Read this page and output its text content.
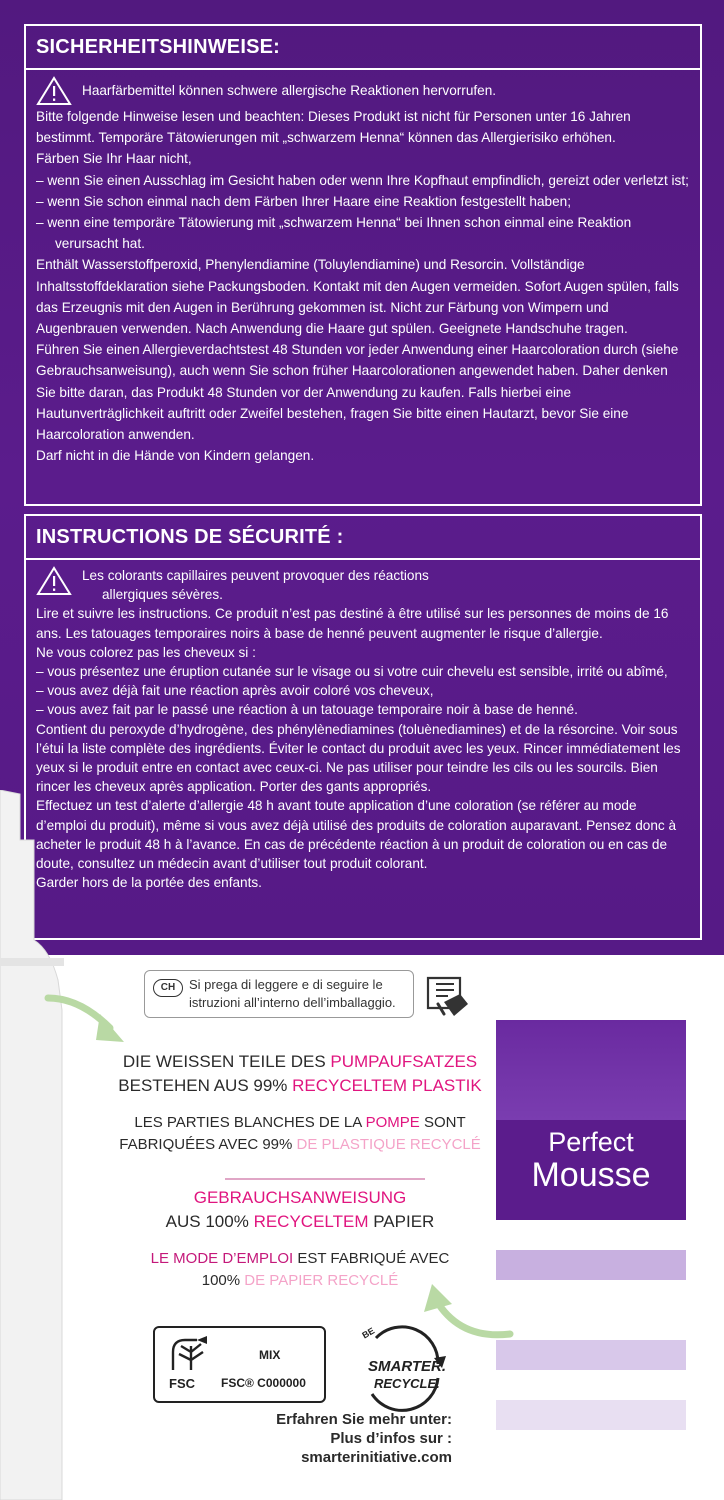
SICHERHEITSHINWEISE:

Haarfärbemittel können schwere allergische Reaktionen hervorrufen.

Bitte folgende Hinweise lesen und beachten: Dieses Produkt ist nicht für Personen unter 16 Jahren

bestimmt. Temporäre Tätowierungen mit „schwarzem Henna“ können das Allergierisiko erhöhen.

Färben Sie Ihr Haar nicht,

– wenn Sie einen Ausschlag im Gesicht haben oder wenn Ihre Kopfhaut empfindlich, gereizt oder verletzt ist;

– wenn Sie schon einmal nach dem Färben Ihrer Haare eine Reaktion festgestellt haben;

– wenn eine temporäre Tätowierung mit „schwarzem Henna“ bei Ihnen schon einmal eine Reaktion verursacht hat.

Enthält Wasserstoffperoxid, Phenylendiamine (Toluylendiamine) und Resorcin. Vollständige Inhaltsstoffdeklaration siehe Packungsboden. Kontakt mit den Augen vermeiden. Sofort Augen spülen, falls das Erzeugnis mit den Augen in Berührung gekommen ist. Nicht zur Färbung von Wimpern und Augenbrauen verwenden. Nach Anwendung die Haare gut spülen. Geeignete Handschuhe tragen.

Führen Sie einen Allergieverdachtstest 48 Stunden vor jeder Anwendung einer Haarcoloration durch (siehe Gebrauchsanweisung), auch wenn Sie schon früher Haarcolorationen angewendet haben. Daher denken Sie bitte daran, das Produkt 48 Stunden vor der Anwendung zu kaufen. Falls hierbei eine Hautunverträglichkeit auftritt oder Zweifel bestehen, fragen Sie bitte einen Hautarzt, bevor Sie eine Haarcoloration anwenden.

Darf nicht in die Hände von Kindern gelangen.

INSTRUCTIONS DE SÉCURITÉ :

Les colorants capillaires peuvent provoquer des réactions

allergiques sévères.

Lire et suivre les instructions. Ce produit n’est pas destiné à être utilisé sur les personnes de moins de 16 ans. Les tatouages temporaires noirs à base de henné peuvent augmenter le risque d’allergie.

Ne vous colorez pas les cheveux si :

– vous présentez une éruption cutanée sur le visage ou si votre cuir chevelu est sensible, irrité ou abîmé,

– vous avez déjà fait une réaction après avoir coloré vos cheveux,

– vous avez fait par le passé une réaction à un tatouage temporaire noir à base de henné.

Contient du peroxyde d’hydrogène, des phénylènediamines (toluènediamines) et de la résorcine. Voir sous l’étui la liste complète des ingrédients. Éviter le contact du produit avec les yeux. Rincer immédiatement les yeux si le produit entre en contact avec ceux-ci. Ne pas utiliser pour teindre les cils ou les sourcils. Bien rincer les cheveux après application. Porter des gants appropriés.

Effectuez un test d’alerte d’allergie 48 h avant toute application d’une coloration (se référer au mode d’emploi du produit), même si vous avez déjà utilisé des produits de coloration auparavant. Pensez donc à acheter le produit 48 h à l’avance. En cas de précédente réaction à un produit de coloration ou en cas de doute, consultez un médecin avant d’utiliser tout produit colorant.

Garder hors de la portée des enfants.

CH	Si prega di leggere e di seguire le
istruzioni all’interno dell’imballaggio.
Perfect
Mousse
DIE WEISSEN TEILE DES PUMPAUFSATZES
BESTEHEN AUS 99% RECYCELTEM PLASTIK
LES PARTIES BLANCHES DE LA POMPE SONT
FABRIQUÉES AVEC 99% DE PLASTIQUE RECYCLÉ
GEBRAUCHSANWEISUNG
AUS 100% RECYCELTEM PAPIER
LE MODE D’EMPLOI EST FABRIQUÉ AVEC
100% DE PAPIER RECYCLÉ
FSC
MIX
FSC® C000000
BE
SMARTER.
RECYCLE.
Erfahren Sie mehr unter:
Plus d’infos sur :
smarterinitiative.com
